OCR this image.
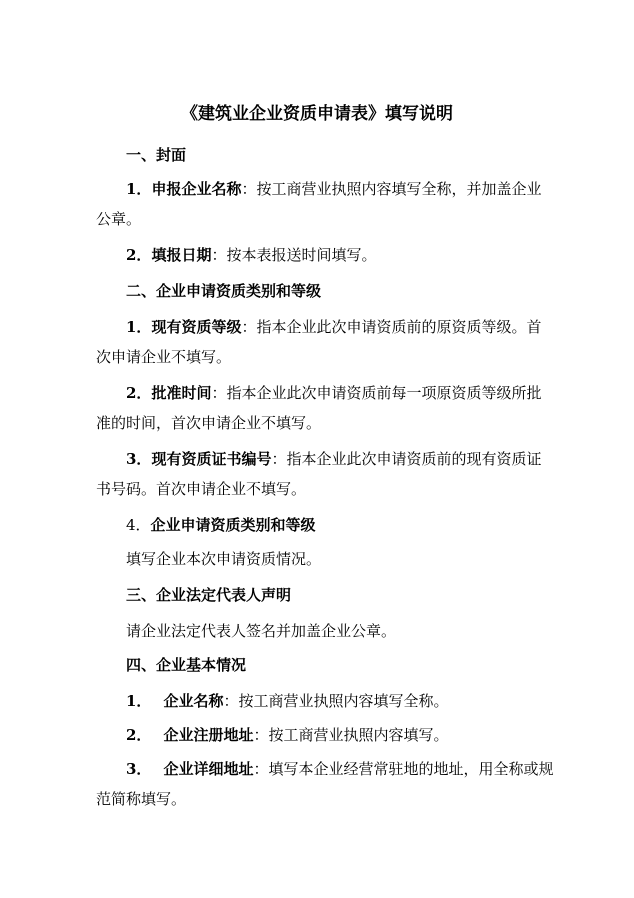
《建筑业企业资质申请表》填写说明
一、封面
1．申报企业名称：按工商营业执照内容填写全称，并加盖企业
公章。
2．填报日期：按本表报送时间填写。
二、企业申请资质类别和等级
1．现有资质等级：指本企业此次申请资质前的原资质等级。首
次申请企业不填写。
2．批准时间：指本企业此次申请资质前每一项原资质等级所批
准的时间，首次申请企业不填写。
3．现有资质证书编号：指本企业此次申请资质前的现有资质证
书号码。首次申请企业不填写。
4．企业申请资质类别和等级
填写企业本次申请资质情况。
三、企业法定代表人声明
请企业法定代表人签名并加盖企业公章。
四、企业基本情况
1． 企业名称：按工商营业执照内容填写全称。
2． 企业注册地址：按工商营业执照内容填写。
3． 企业详细地址：填写本企业经营常驻地的地址，用全称或规
范简称填写。
